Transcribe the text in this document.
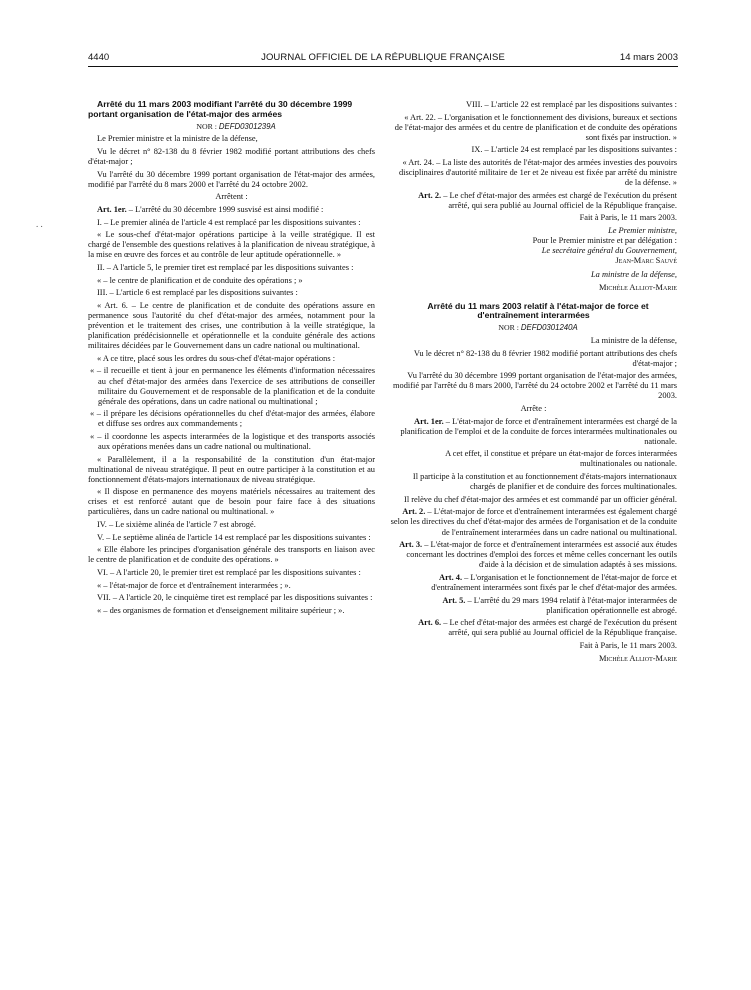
4440	JOURNAL OFFICIEL DE LA RÉPUBLIQUE FRANÇAISE	14 mars 2003
. .

Arrêté du 11 mars 2003 modifiant l'arrêté du 30 décembre 1999 portant organisation de l'état-major des armées

NOR : DEFD0301239A

Le Premier ministre et la ministre de la défense,

Vu le décret n° 82-138 du 8 février 1982 modifié portant attributions des chefs d'état-major ;

Vu l'arrêté du 30 décembre 1999 portant organisation de l'état-major des armées, modifié par l'arrêté du 8 mars 2000 et l'arrêté du 24 octobre 2002.

Arrêtent :

Art. 1er. – L'arrêté du 30 décembre 1999 susvisé est ainsi modifié :

I. – Le premier alinéa de l'article 4 est remplacé par les dispositions suivantes :

« Le sous-chef d'état-major opérations participe à la veille stratégique. Il est chargé de l'ensemble des questions relatives à la planification de niveau stratégique, à la mise en œuvre des forces et au contrôle de leur aptitude opérationnelle. »

II. – A l'article 5, le premier tiret est remplacé par les dispositions suivantes :

« – le centre de planification et de conduite des opérations ; »

III. – L'article 6 est remplacé par les dispositions suivantes :

« Art. 6. – Le centre de planification et de conduite des opérations assure en permanence sous l'autorité du chef d'état-major des armées, notamment pour la prévention et le traitement des crises, une contribution à la veille stratégique, la planification prédécisionnelle et opérationnelle et la conduite générale des actions militaires décidées par le Gouvernement dans un cadre national ou multinational.

« A ce titre, placé sous les ordres du sous-chef d'état-major opérations :

« – il recueille et tient à jour en permanence les éléments d'information nécessaires au chef d'état-major des armées dans l'exercice de ses attributions de conseiller militaire du Gouvernement et de responsable de la planification et de la conduite générale des opérations, dans un cadre national ou multinational ;

« – il prépare les décisions opérationnelles du chef d'état-major des armées, élabore et diffuse ses ordres aux commandements ;

« – il coordonne les aspects interarmées de la logistique et des transports associés aux opérations menées dans un cadre national ou multinational.

« Parallèlement, il a la responsabilité de la constitution d'un état-major multinational de niveau stratégique. Il peut en outre participer à la constitution et au fonctionnement d'états-majors internationaux de niveau stratégique.

« Il dispose en permanence des moyens matériels nécessaires au traitement des crises et est renforcé autant que de besoin pour faire face à des situations particulières, dans un cadre national ou multinational. »

IV. – Le sixième alinéa de l'article 7 est abrogé.

V. – Le septième alinéa de l'article 14 est remplacé par les dispositions suivantes :

« Elle élabore les principes d'organisation générale des transports en liaison avec le centre de planification et de conduite des opérations. »

VI. – A l'article 20, le premier tiret est remplacé par les dispositions suivantes :

« – l'état-major de force et d'entraînement interarmées ; ».

VII. – A l'article 20, le cinquième tiret est remplacé par les dispositions suivantes :

« – des organismes de formation et d'enseignement militaire supérieur ; ».

VIII. – L'article 22 est remplacé par les dispositions suivantes :

« Art. 22. – L'organisation et le fonctionnement des divisions, bureaux et sections de l'état-major des armées et du centre de planification et de conduite des opérations sont fixés par instruction. »

IX. – L'article 24 est remplacé par les dispositions suivantes :

« Art. 24. – La liste des autorités de l'état-major des armées investies des pouvoirs disciplinaires d'autorité militaire de 1er et 2e niveau est fixée par arrêté du ministre de la défense. »

Art. 2. – Le chef d'état-major des armées est chargé de l'exécution du présent arrêté, qui sera publié au Journal officiel de la République française.

Fait à Paris, le 11 mars 2003.

Le Premier ministre,

Pour le Premier ministre et par délégation :

Le secrétaire général du Gouvernement,

Jean-Marc Sauvé

La ministre de la défense,

Michèle Alliot-Marie

Arrêté du 11 mars 2003 relatif à l'état-major de force et d'entraînement interarmées

NOR : DEFD0301240A

La ministre de la défense,

Vu le décret n° 82-138 du 8 février 1982 modifié portant attributions des chefs d'état-major ;

Vu l'arrêté du 30 décembre 1999 portant organisation de l'état-major des armées, modifié par l'arrêté du 8 mars 2000, l'arrêté du 24 octobre 2002 et l'arrêté du 11 mars 2003.

Arrête :

Art. 1er. – L'état-major de force et d'entraînement interarmées est chargé de la planification de l'emploi et de la conduite de forces interarmées multinationales ou nationale.

A cet effet, il constitue et prépare un état-major de forces interarmées multinationales ou nationale.

Il participe à la constitution et au fonctionnement d'états-majors internationaux chargés de planifier et de conduire des forces multinationales.

Il relève du chef d'état-major des armées et est commandé par un officier général.

Art. 2. – L'état-major de force et d'entraînement interarmées est également chargé selon les directives du chef d'état-major des armées de l'organisation et de la conduite de l'entraînement interarmées dans un cadre national ou multinational.

Art. 3. – L'état-major de force et d'entraînement interarmées est associé aux études concernant les doctrines d'emploi des forces et même celles concernant les outils d'aide à la décision et de simulation adaptés à ses missions.

Art. 4. – L'organisation et le fonctionnement de l'état-major de force et d'entraînement interarmées sont fixés par le chef d'état-major des armées.

Art. 5. – L'arrêté du 29 mars 1994 relatif à l'état-major interarmées de planification opérationnelle est abrogé.

Art. 6. – Le chef d'état-major des armées est chargé de l'exécution du présent arrêté, qui sera publié au Journal officiel de la République française.

Fait à Paris, le 11 mars 2003.

Michèle Alliot-Marie
